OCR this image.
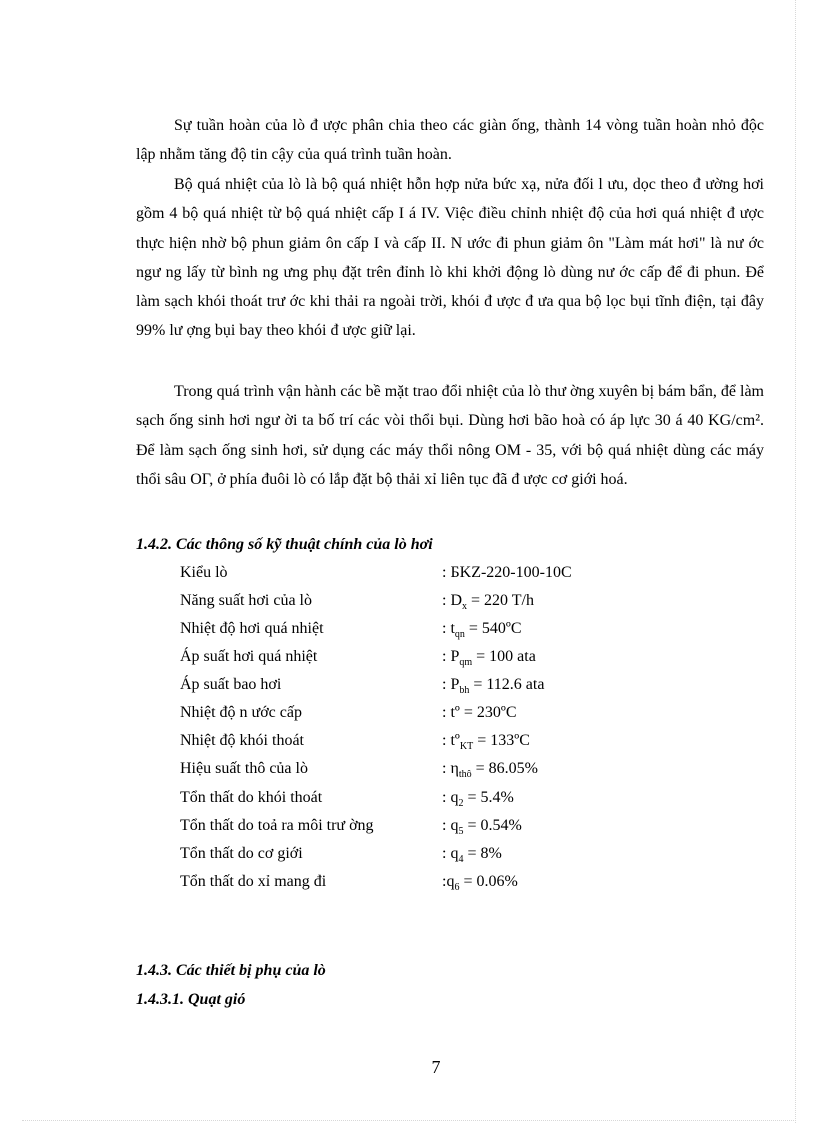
Sự tuần hoàn của lò đ ược phân chia theo các giàn ống, thành 14 vòng tuần hoàn nhỏ độc lập nhằm tăng độ tin cậy của quá trình tuần hoàn.

Bộ quá nhiệt của lò là bộ quá nhiệt hỗn hợp nửa bức xạ, nửa đối l ưu, dọc theo đ ường hơi gồm 4 bộ quá nhiệt từ bộ quá nhiệt cấp I á IV. Việc điều chỉnh nhiệt độ của hơi quá nhiệt đ ược thực hiện nhờ bộ phun giảm ôn cấp I và cấp II. N ước đi phun giảm ôn "Làm mát hơi" là nư ớc ngư ng lấy từ bình ng ưng phụ đặt trên đỉnh lò khi khởi động lò dùng nư ớc cấp để đi phun. Để làm sạch khói thoát trư ớc khi thải ra ngoài trời, khói đ ược đ ưa qua bộ lọc bụi tĩnh điện, tại đây 99% lư ợng bụi bay theo khói đ ược giữ lại.

Trong quá trình vận hành các bề mặt trao đổi nhiệt của lò thư ờng xuyên bị bám bẩn, để làm sạch ống sinh hơi ngư ời ta bố trí các vòi thổi bụi. Dùng hơi bão hoà có áp lực 30 á 40 KG/cm². Để làm sạch ống sinh hơi, sử dụng các máy thổi nông OM - 35, với bộ quá nhiệt dùng các máy thổi sâu OГ, ở phía đuôi lò có lắp đặt bộ thải xỉ liên tục đã đ ược cơ giới hoá.

1.4.2. Các thông số kỹ thuật chính của lò hơi
Kiểu lò	: БKZ-220-100-10C
Năng suất hơi của lò	: $D_x = 220$ T/h
Nhiệt độ hơi quá nhiệt	: $t_{qn}$ = 540ºC
Áp suất hơi quá nhiệt	: $P_{qm} = 100$ ata
Áp suất bao hơi	: $P_{bh} = 112.6$ ata
Nhiệt độ n ước cấp	: tº = 230ºC
Nhiệt độ khói thoát	: tº$_{KT}$ = 133ºC
Hiệu suất thô của lò	: $\eta_{thô} = 86.05\%$
Tổn thất do khói thoát	: $q_2 = 5.4\%$
Tổn thất do toả ra môi trư ờng	: $q_5 = 0.54\%$
Tổn thất do cơ giới	: $q_4 = 8\%$
Tổn thất do xỉ mang đi	$:q_6 = 0.06\%$
1.4.3. Các thiết bị phụ của lò
1.4.3.1. Quạt gió
7
